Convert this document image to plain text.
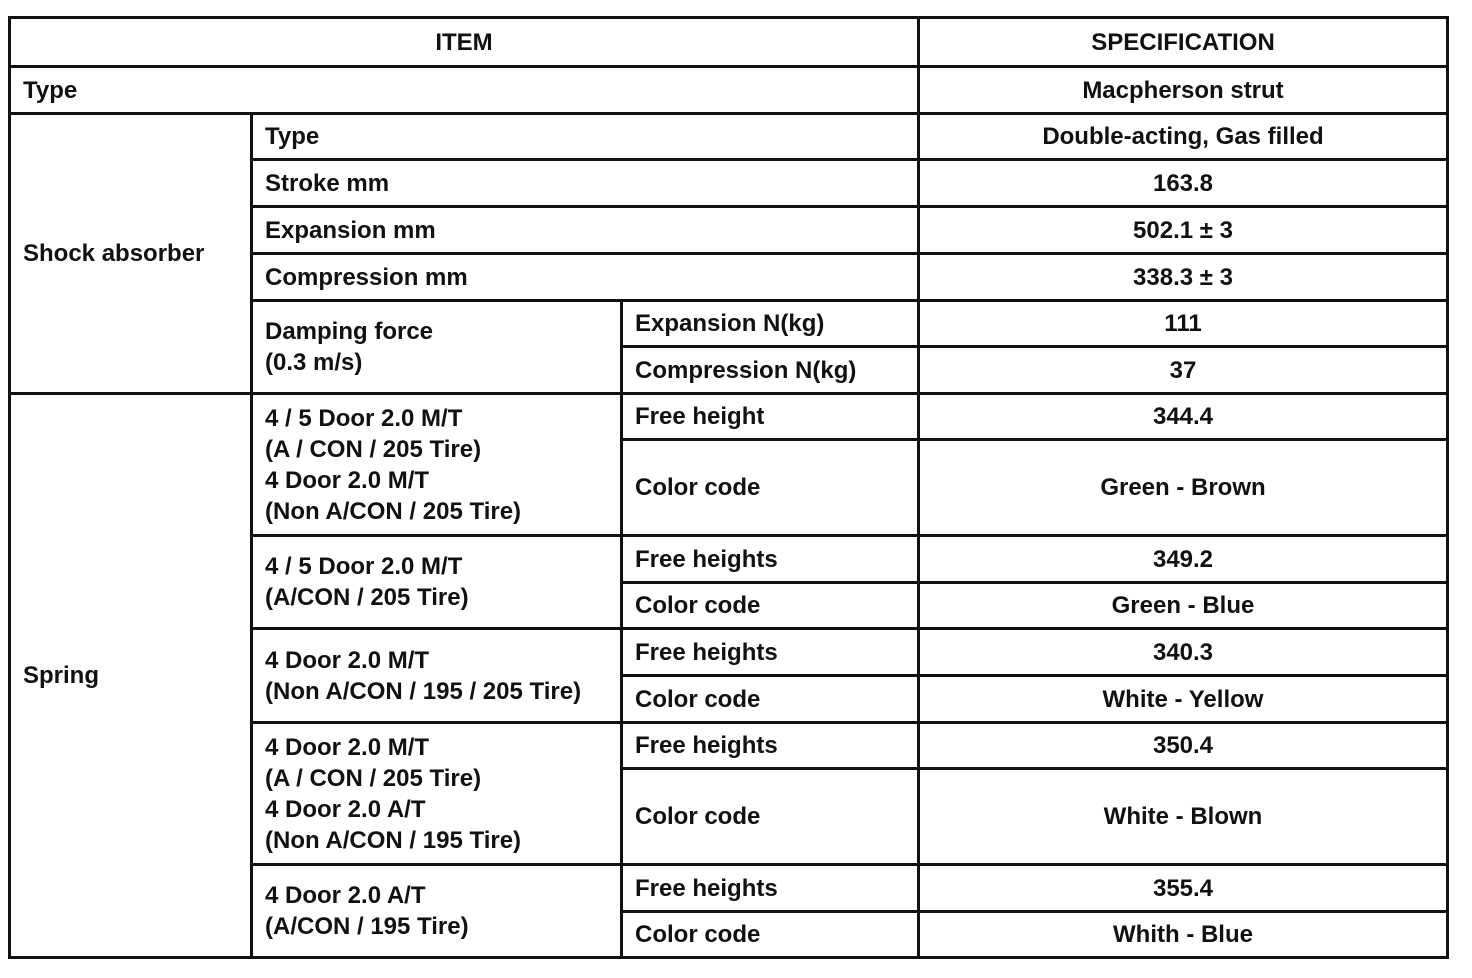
ITEM			SPECIFICATION
Type			Macpherson strut
Shock absorber	Type		Double-acting, Gas filled
	Stroke mm		163.8
	Expansion mm		502.1 ± 3
	Compression mm		338.3 ± 3

	Damping force
(0.3 m/s)	Expansion N(kg)	111
		Compression N(kg)	37
Spring	4 / 5 Door 2.0 M/T
(A / CON / 205 Tire)
4 Door 2.0 M/T
(Non A/CON / 205 Tire)	Free height	344.4
		Color code	Green - Brown

	4 / 5 Door 2.0 M/T
(A/CON / 205 Tire)	Free heights	349.2
		Color code	Green - Blue

	4 Door 2.0 M/T
(Non A/CON / 195 / 205 Tire)	Free heights	340.3
		Color code	White - Yellow

	4 Door 2.0 M/T
(A / CON / 205 Tire)
4 Door 2.0 A/T
(Non A/CON / 195 Tire)	Free heights	350.4
		Color code	White - Blown

	4 Door 2.0 A/T
(A/CON / 195 Tire)	Free heights	355.4
		Color code	Whith - Blue
